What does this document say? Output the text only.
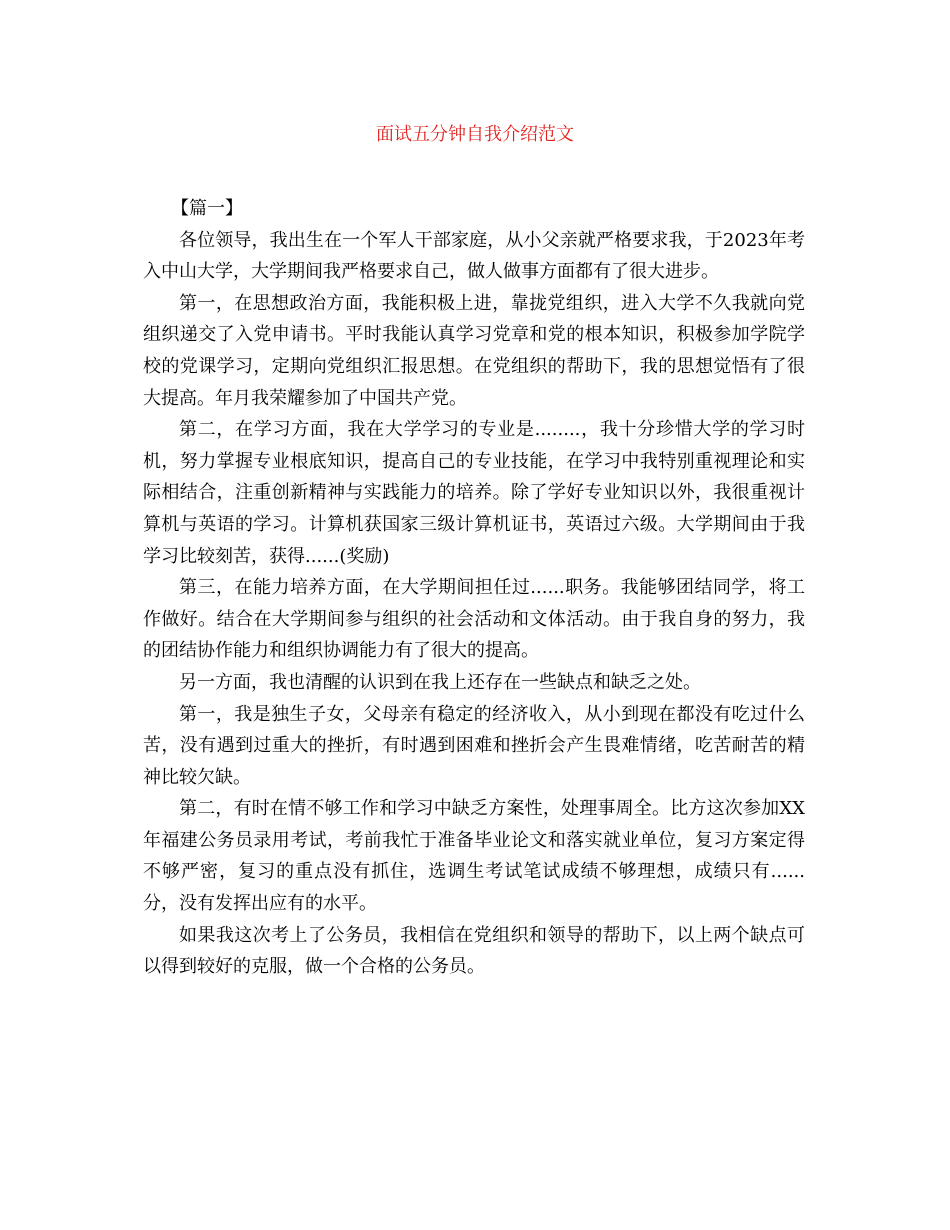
面试五分钟自我介绍范文

【篇一】

各位领导，我出生在一个军人干部家庭，从小父亲就严格要求我，于2023年考入中山大学，大学期间我严格要求自己，做人做事方面都有了很大进步。

第一，在思想政治方面，我能积极上进，靠拢党组织，进入大学不久我就向党组织递交了入党申请书。平时我能认真学习党章和党的根本知识，积极参加学院学校的党课学习，定期向党组织汇报思想。在党组织的帮助下，我的思想觉悟有了很大提高。年月我荣耀参加了中国共产党。

第二，在学习方面，我在大学学习的专业是........，我十分珍惜大学的学习时机，努力掌握专业根底知识，提高自己的专业技能，在学习中我特别重视理论和实际相结合，注重创新精神与实践能力的培养。除了学好专业知识以外，我很重视计算机与英语的学习。计算机获国家三级计算机证书，英语过六级。大学期间由于我学习比较刻苦，获得......(奖励)

第三，在能力培养方面，在大学期间担任过......职务。我能够团结同学，将工作做好。结合在大学期间参与组织的社会活动和文体活动。由于我自身的努力，我的团结协作能力和组织协调能力有了很大的提高。

另一方面，我也清醒的认识到在我上还存在一些缺点和缺乏之处。

第一，我是独生子女，父母亲有稳定的经济收入，从小到现在都没有吃过什么苦，没有遇到过重大的挫折，有时遇到困难和挫折会产生畏难情绪，吃苦耐苦的精神比较欠缺。

第二，有时在情不够工作和学习中缺乏方案性，处理事周全。比方这次参加XX年福建公务员录用考试，考前我忙于准备毕业论文和落实就业单位，复习方案定得不够严密，复习的重点没有抓住，选调生考试笔试成绩不够理想，成绩只有......分，没有发挥出应有的水平。

如果我这次考上了公务员，我相信在党组织和领导的帮助下，以上两个缺点可以得到较好的克服，做一个合格的公务员。
